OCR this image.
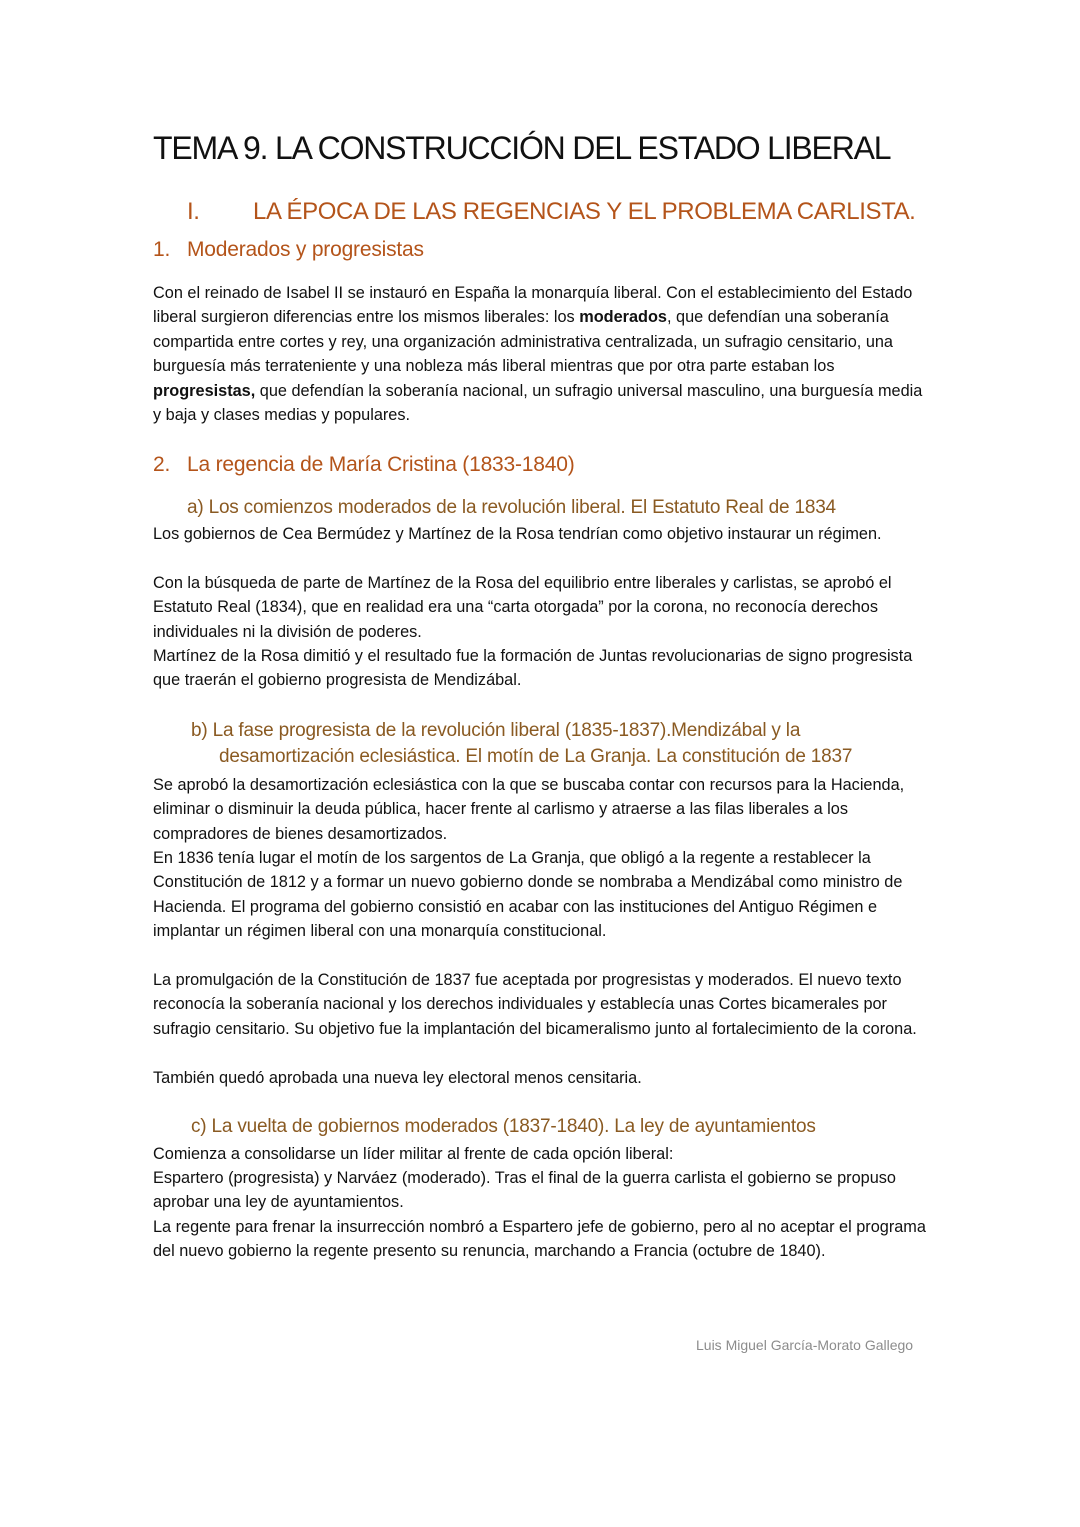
TEMA 9. LA CONSTRUCCIÓN DEL ESTADO LIBERAL
I. LA ÉPOCA DE LAS REGENCIAS Y EL PROBLEMA CARLISTA.
1. Moderados y progresistas

Con el reinado de Isabel II se instauró en España la monarquía liberal. Con el establecimiento del Estado liberal surgieron diferencias entre los mismos liberales: los moderados, que defendían una soberanía compartida entre cortes y rey, una organización administrativa centralizada, un sufragio censitario, una burguesía más terrateniente y una nobleza más liberal mientras que por otra parte estaban los progresistas, que defendían la soberanía nacional, un sufragio universal masculino, una burguesía media y baja y clases medias y populares.

2. La regencia de María Cristina (1833-1840)
a) Los comienzos moderados de la revolución liberal. El Estatuto Real de 1834

Los gobiernos de Cea Bermúdez y Martínez de la Rosa tendrían como objetivo instaurar un régimen.

Con la búsqueda de parte de Martínez de la Rosa del equilibrio entre liberales y carlistas, se aprobó el Estatuto Real (1834), que en realidad era una “carta otorgada” por la corona, no reconocía derechos individuales ni la división de poderes.

Martínez de la Rosa dimitió y el resultado fue la formación de Juntas revolucionarias de signo progresista que traerán el gobierno progresista de Mendizábal.

b) La fase progresista de la revolución liberal (1835-1837).Mendizábal y la
desamortización eclesiástica. El motín de La Granja. La constitución de 1837

Se aprobó la desamortización eclesiástica con la que se buscaba contar con recursos para la Hacienda, eliminar o disminuir la deuda pública, hacer frente al carlismo y atraerse a las filas liberales a los compradores de bienes desamortizados.

En 1836 tenía lugar el motín de los sargentos de La Granja, que obligó a la regente a restablecer la Constitución de 1812 y a formar un nuevo gobierno donde se nombraba a Mendizábal como ministro de Hacienda. El programa del gobierno consistió en acabar con las instituciones del Antiguo Régimen e implantar un régimen liberal con una monarquía constitucional.

La promulgación de la Constitución de 1837 fue aceptada por progresistas y moderados. El nuevo texto reconocía la soberanía nacional y los derechos individuales y establecía unas Cortes bicamerales por sufragio censitario. Su objetivo fue la implantación del bicameralismo junto al fortalecimiento de la corona.

También quedó aprobada una nueva ley electoral menos censitaria.

c) La vuelta de gobiernos moderados (1837-1840). La ley de ayuntamientos

Comienza a consolidarse un líder militar al frente de cada opción liberal:

Espartero (progresista) y Narváez (moderado). Tras el final de la guerra carlista el gobierno se propuso aprobar una ley de ayuntamientos.

La regente para frenar la insurrección nombró a Espartero jefe de gobierno, pero al no aceptar el programa del nuevo gobierno la regente presento su renuncia, marchando a Francia (octubre de 1840).

Luis Miguel García-Morato Gallego
